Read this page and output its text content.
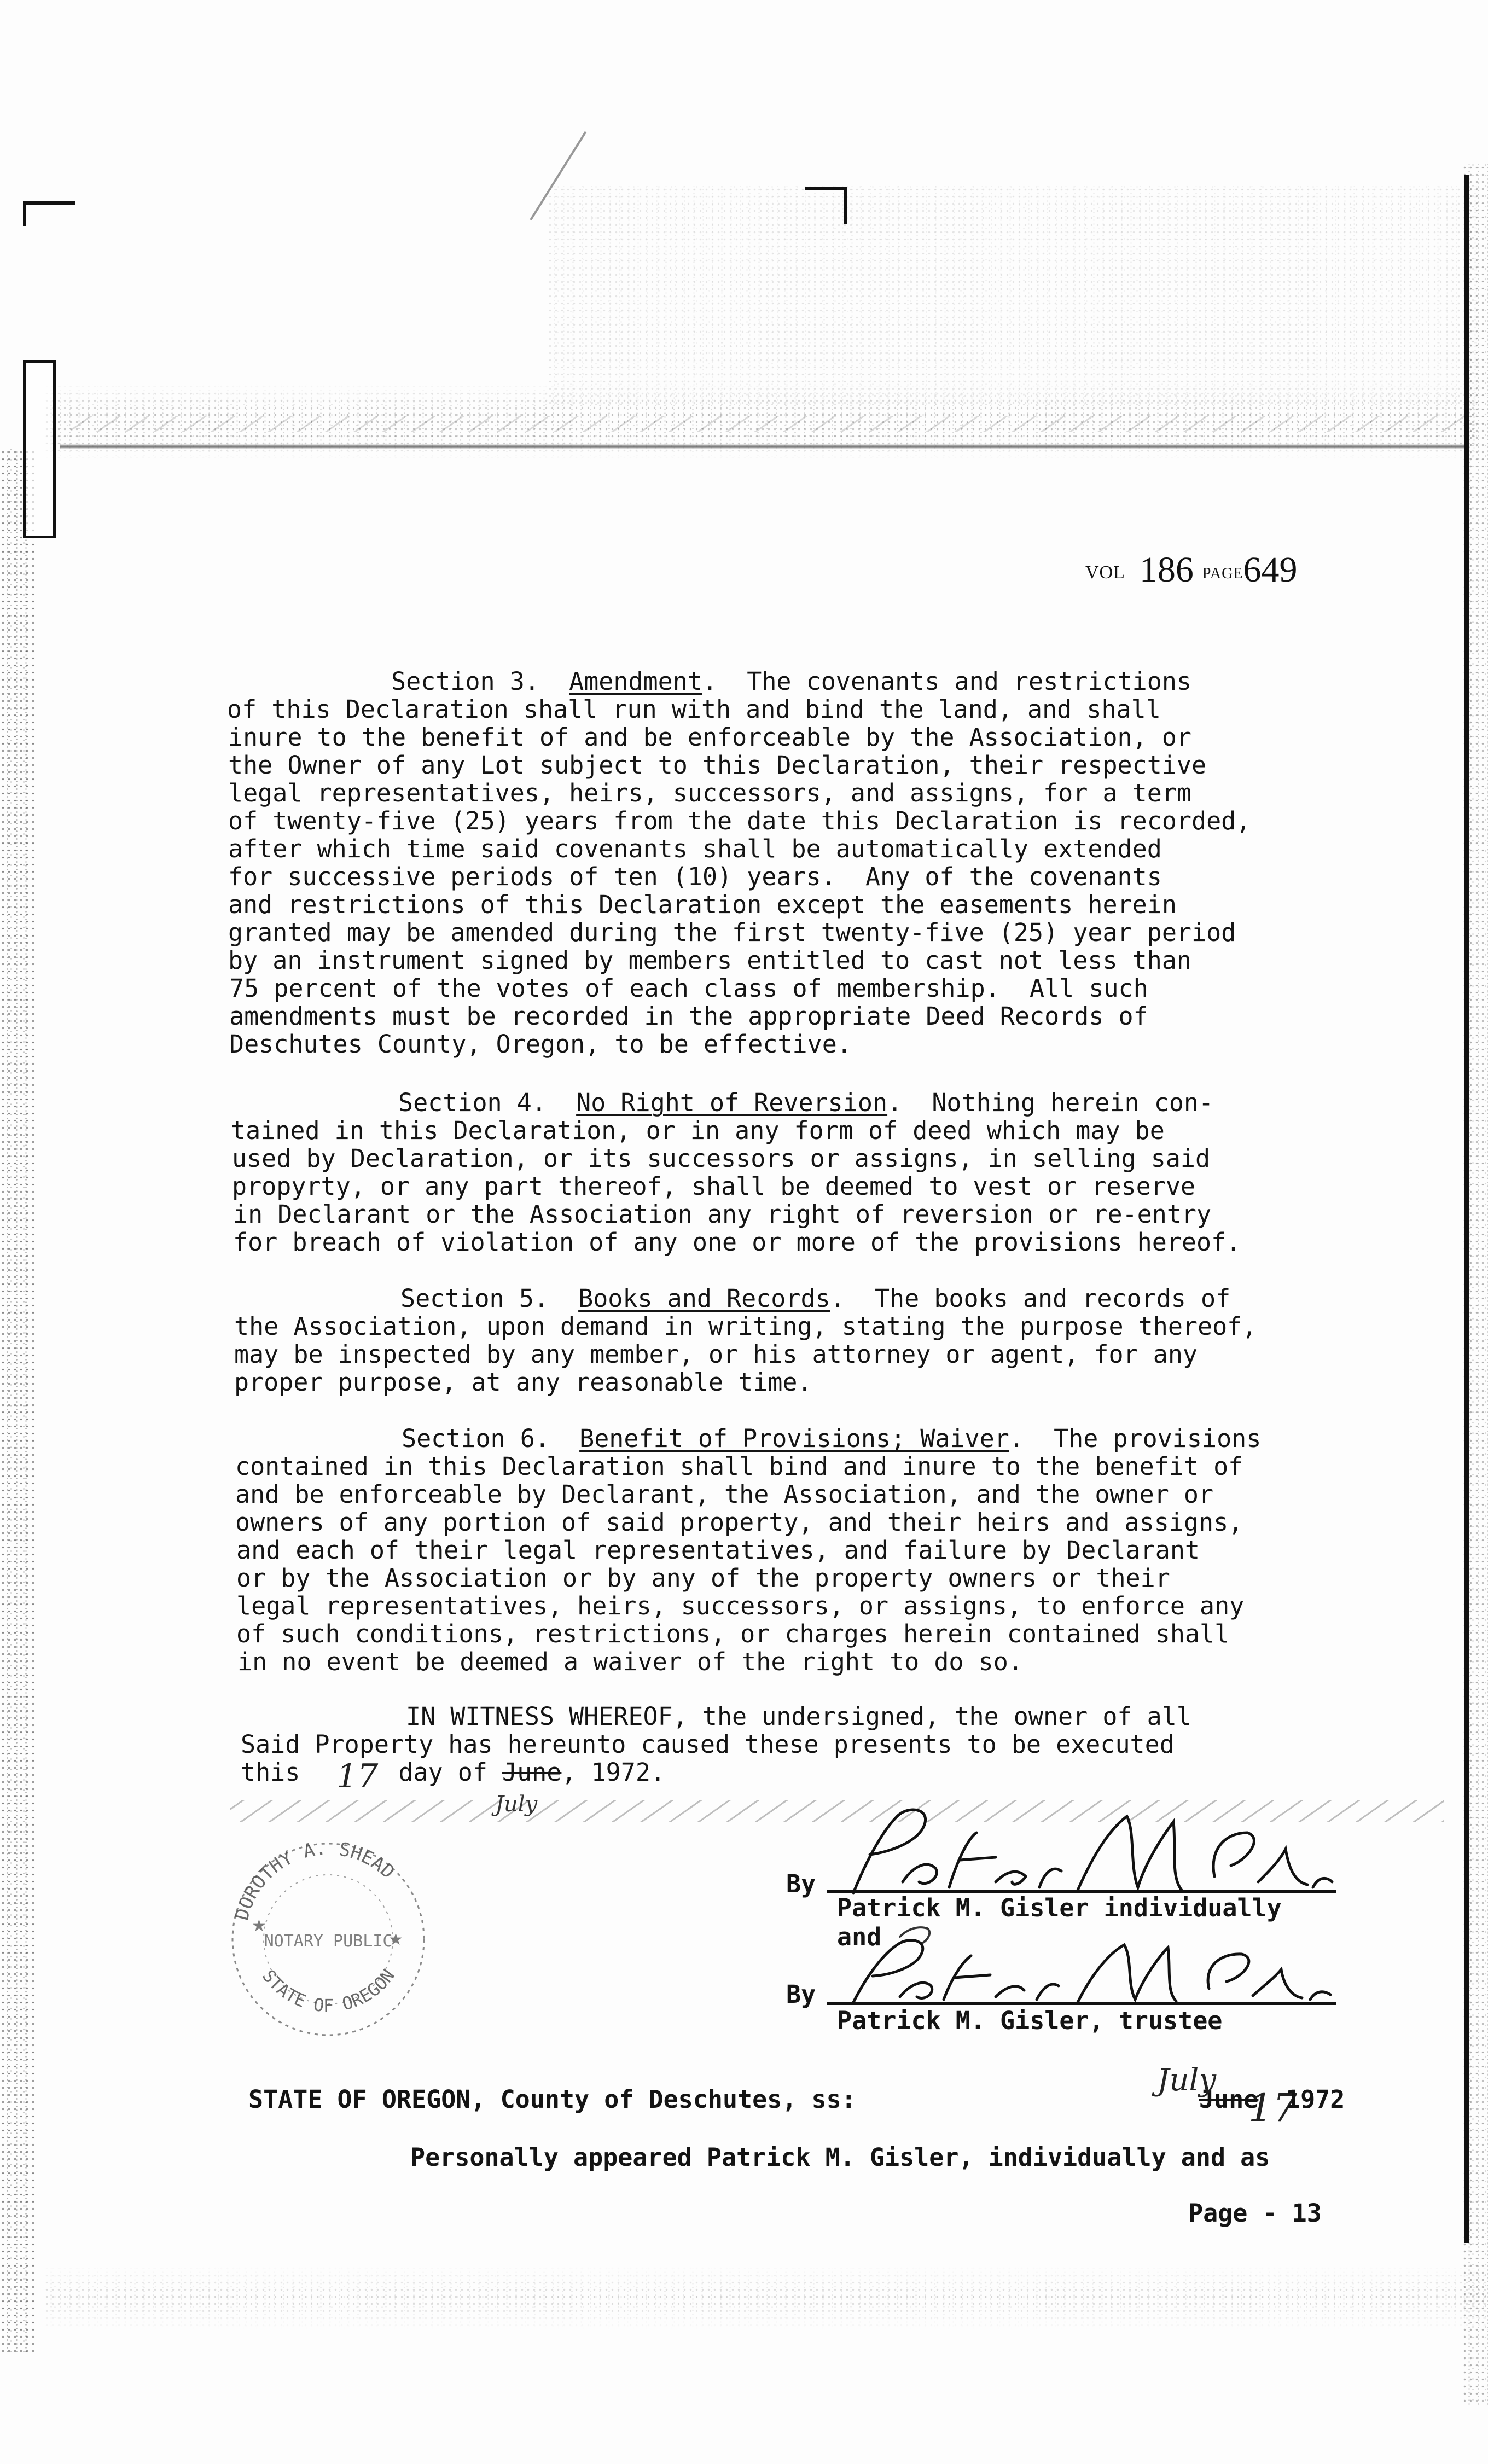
VOL 186 PAGE649
Section 3.  Amendment.  The covenants and restrictions
of this Declaration shall run with and bind the land, and shall
inure to the benefit of and be enforceable by the Association, or
the Owner of any Lot subject to this Declaration, their respective
legal representatives, heirs, successors, and assigns, for a term
of twenty-five (25) years from the date this Declaration is recorded,
after which time said covenants shall be automatically extended
for successive periods of ten (10) years.  Any of the covenants
and restrictions of this Declaration except the easements herein
granted may be amended during the first twenty-five (25) year period
by an instrument signed by members entitled to cast not less than
75 percent of the votes of each class of membership.  All such
amendments must be recorded in the appropriate Deed Records of
Deschutes County, Oregon, to be effective.
Section 4.  No Right of Reversion.  Nothing herein con-
tained in this Declaration, or in any form of deed which may be
used by Declaration, or its successors or assigns, in selling said
propyrty, or any part thereof, shall be deemed to vest or reserve
in Declarant or the Association any right of reversion or re-entry
for breach of violation of any one or more of the provisions hereof.
Section 5.  Books and Records.  The books and records of
the Association, upon demand in writing, stating the purpose thereof,
may be inspected by any member, or his attorney or agent, for any
proper purpose, at any reasonable time.
Section 6.  Benefit of Provisions; Waiver.  The provisions
contained in this Declaration shall bind and inure to the benefit of
and be enforceable by Declarant, the Association, and the owner or
owners of any portion of said property, and their heirs and assigns,
and each of their legal representatives, and failure by Declarant
or by the Association or by any of the property owners or their
legal representatives, heirs, successors, or assigns, to enforce any
of such conditions, restrictions, or charges herein contained shall
in no event be deemed a waiver of the right to do so.
IN WITNESS WHEREOF, the undersigned, the owner of all
Said Property has hereunto caused these presents to be executed
this	day of June, 1972.
17
July
DOROTHY A. SHEAD
NOTARY PUBLIC
STATE OF OREGON
★
★
By
Patrick M. Gisler individually
and
By
Patrick M. Gisler, trustee
STATE OF OREGON, County of Deschutes, ss:	June
July
17
1972
Personally appeared Patrick M. Gisler, individually and as
Page - 13
